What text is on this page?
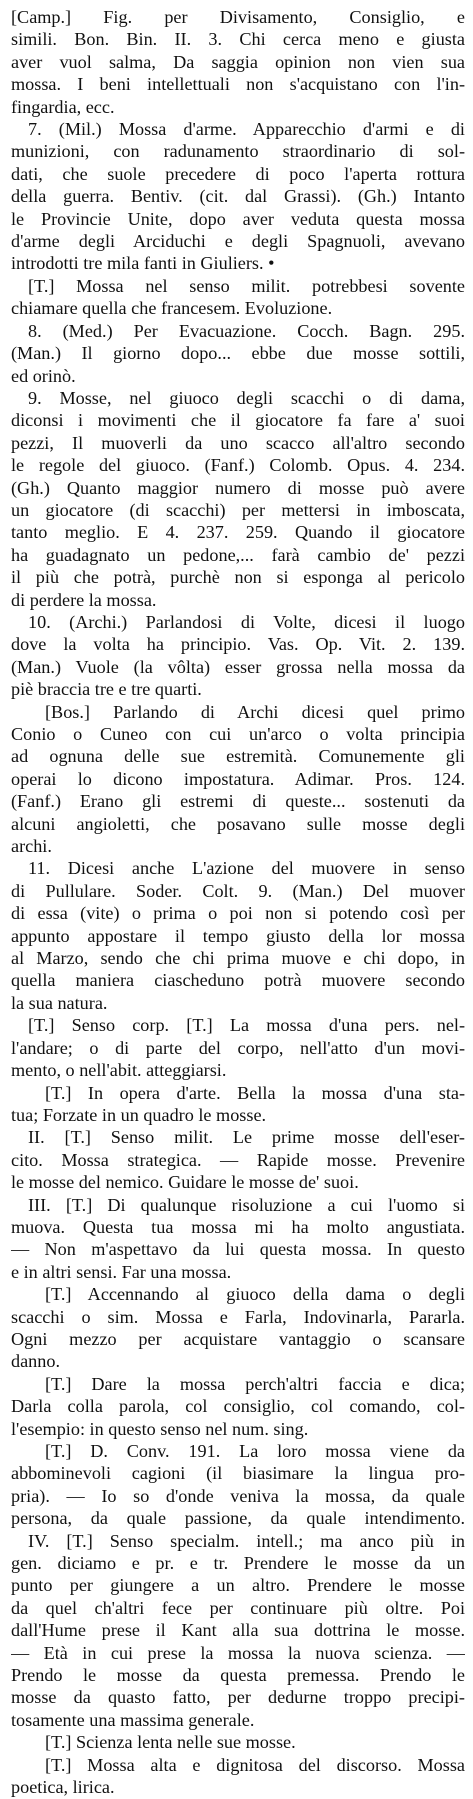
[Camp.] Fig. per Divisamento, Consiglio, e
simili. Bon. Bin. II. 3. Chi cerca meno e giusta
aver vuol salma, Da saggia opinion non vien sua
mossa. I beni intellettuali non s'acquistano con l'in-
fingardia, ecc.
7. (Mil.) Mossa d'arme. Apparecchio d'armi e di
munizioni, con radunamento straordinario di sol-
dati, che suole precedere di poco l'aperta rottura
della guerra. Bentiv. (cit. dal Grassi). (Gh.) Intanto
le Provincie Unite, dopo aver veduta questa mossa
d'arme degli Arciduchi e degli Spagnuoli, avevano
introdotti tre mila fanti in Giuliers. •
[T.] Mossa nel senso milit. potrebbesi sovente
chiamare quella che francesem. Evoluzione.
8. (Med.) Per Evacuazione. Cocch. Bagn. 295.
(Man.) Il giorno dopo... ebbe due mosse sottili,
ed orinò.
9. Mosse, nel giuoco degli scacchi o di dama,
diconsi i movimenti che il giocatore fa fare a' suoi
pezzi, Il muoverli da uno scacco all'altro secondo
le regole del giuoco. (Fanf.) Colomb. Opus. 4. 234.
(Gh.) Quanto maggior numero di mosse può avere
un giocatore (di scacchi) per mettersi in imboscata,
tanto meglio. E 4. 237. 259. Quando il giocatore
ha guadagnato un pedone,... farà cambio de' pezzi
il più che potrà, purchè non si esponga al pericolo
di perdere la mossa.
10. (Archi.) Parlandosi di Volte, dicesi il luogo
dove la volta ha principio. Vas. Op. Vit. 2. 139.
(Man.) Vuole (la vôlta) esser grossa nella mossa da
piè braccia tre e tre quarti.
[Bos.] Parlando di Archi dicesi quel primo
Conio o Cuneo con cui un'arco o volta principia
ad ognuna delle sue estremità. Comunemente gli
operai lo dicono impostatura. Adimar. Pros. 124.
(Fanf.) Erano gli estremi di queste... sostenuti da
alcuni angioletti, che posavano sulle mosse degli
archi.
11. Dicesi anche L'azione del muovere in senso
di Pullulare. Soder. Colt. 9. (Man.) Del muover
di essa (vite) o prima o poi non si potendo così per
appunto appostare il tempo giusto della lor mossa
al Marzo, sendo che chi prima muove e chi dopo, in
quella maniera ciascheduno potrà muovere secondo
la sua natura.
[T.] Senso corp. [T.] La mossa d'una pers. nel-
l'andare; o di parte del corpo, nell'atto d'un movi-
mento, o nell'abit. atteggiarsi.
[T.] In opera d'arte. Bella la mossa d'una sta-
tua; Forzate in un quadro le mosse.
II. [T.] Senso milit. Le prime mosse dell'eser-
cito. Mossa strategica. — Rapide mosse. Prevenire
le mosse del nemico. Guidare le mosse de' suoi.
III. [T.] Di qualunque risoluzione a cui l'uomo si
muova. Questa tua mossa mi ha molto angustiata.
— Non m'aspettavo da lui questa mossa. In questo
e in altri sensi. Far una mossa.
[T.] Accennando al giuoco della dama o degli
scacchi o sim. Mossa e Farla, Indovinarla, Pararla.
Ogni mezzo per acquistare vantaggio o scansare
danno.
[T.] Dare la mossa perch'altri faccia e dica;
Darla colla parola, col consiglio, col comando, col-
l'esempio: in questo senso nel num. sing.
[T.] D. Conv. 191. La loro mossa viene da
abbominevoli cagioni (il biasimare la lingua pro-
pria). — Io so d'onde veniva la mossa, da quale
persona, da quale passione, da quale intendimento.
IV. [T.] Senso specialm. intell.; ma anco più in
gen. diciamo e pr. e tr. Prendere le mosse da un
punto per giungere a un altro. Prendere le mosse
da quel ch'altri fece per continuare più oltre. Poi
dall'Hume prese il Kant alla sua dottrina le mosse.
— Età in cui prese la mossa la nuova scienza. —
Prendo le mosse da questa premessa. Prendo le
mosse da quasto fatto, per dedurne troppo precipi-
tosamente una massima generale.
[T.] Scienza lenta nelle sue mosse.
[T.] Mossa alta e dignitosa del discorso. Mossa
poetica, lirica.
